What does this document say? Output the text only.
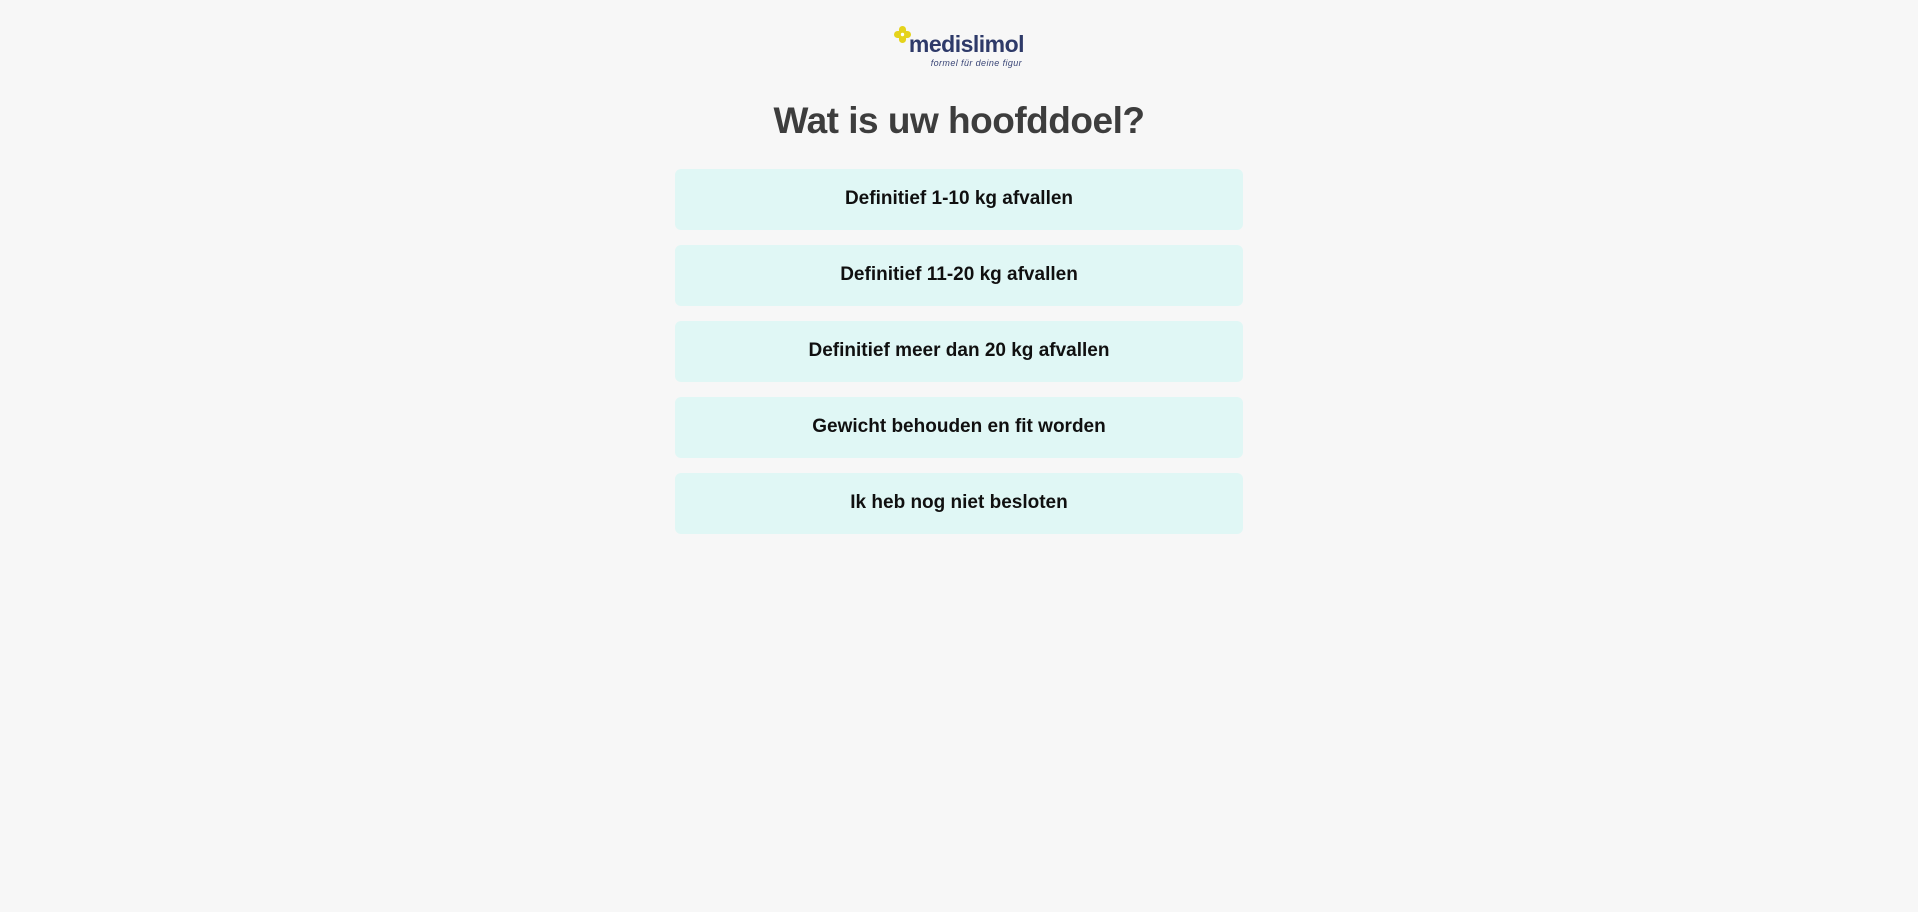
medislimol
formel für deine figur
Wat is uw hoofddoel?
Definitief 1-10 kg afvallen
Definitief 11-20 kg afvallen
Definitief meer dan 20 kg afvallen
Gewicht behouden en fit worden
Ik heb nog niet besloten
